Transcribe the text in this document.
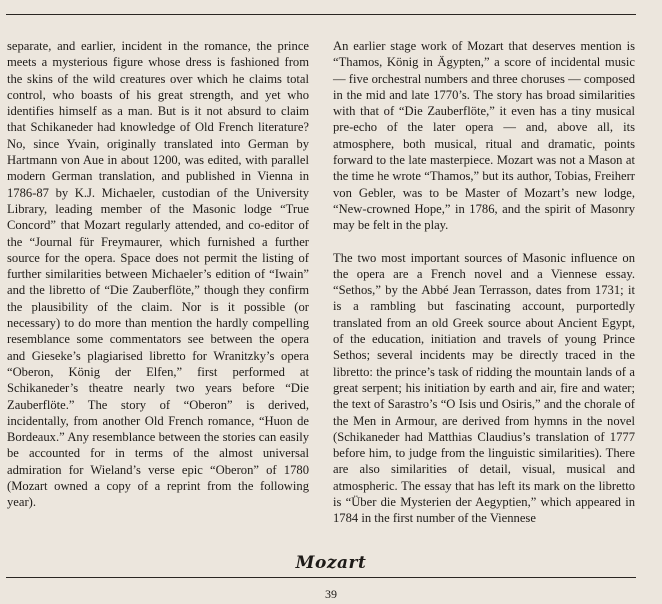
separate, and earlier, incident in the romance, the prince meets a mysterious figure whose dress is fashioned from the skins of the wild creatures over which he claims total control, who boasts of his great strength, and yet who identifies himself as a man. But is it not absurd to claim that Schikaneder had knowledge of Old French literature? No, since Yvain, originally translated into German by Hartmann von Aue in about 1200, was edited, with parallel modern German translation, and published in Vienna in 1786-87 by K.J. Michaeler, custodian of the University Library, leading member of the Masonic lodge “True Concord” that Mozart regularly attended, and co-editor of the “Journal für Freymaurer, which furnished a further source for the opera. Space does not permit the listing of further similarities between Michaeler’s edition of “Iwain” and the libretto of “Die Zauberflöte,” though they confirm the plausibility of the claim. Nor is it possible (or necessary) to do more than mention the hardly compelling resemblance some commentators see between the opera and Gieseke’s plagiarised libretto for Wranitzky’s opera “Oberon, König der Elfen,” first performed at Schikaneder’s theatre nearly two years before “Die Zauberflöte.” The story of “Oberon” is derived, incidentally, from another Old French romance, “Huon de Bordeaux.” Any resemblance between the stories can easily be accounted for in terms of the almost universal admiration for Wieland’s verse epic “Oberon” of 1780 (Mozart owned a copy of a reprint from the following year).

An earlier stage work of Mozart that deserves mention is “Thamos, König in Ägypten,” a score of incidental music — five orchestral numbers and three choruses — composed in the mid and late 1770’s. The story has broad similarities with that of “Die Zauberflöte,” it even has a tiny musical pre-echo of the later opera — and, above all, its atmosphere, both musical, ritual and dramatic, points forward to the late masterpiece. Mozart was not a Mason at the time he wrote “Thamos,” but its author, Tobias, Freiherr von Gebler, was to be Master of Mozart’s new lodge, “New-crowned Hope,” in 1786, and the spirit of Masonry may be felt in the play.

The two most important sources of Masonic influence on the opera are a French novel and a Viennese essay. “Sethos,” by the Abbé Jean Terrasson, dates from 1731; it is a rambling but fascinating account, purportedly translated from an old Greek source about Ancient Egypt, of the education, initiation and travels of young Prince Sethos; several incidents may be directly traced in the libretto: the prince’s task of ridding the mountain lands of a great serpent; his initiation by earth and air, fire and water; the text of Sarastro’s “O Isis und Osiris,” and the chorale of the Men in Armour, are derived from hymns in the novel (Schikaneder had Matthias Claudius’s translation of 1777 before him, to judge from the linguistic similarities). There are also similarities of detail, visual, musical and atmospheric. The essay that has left its mark on the libretto is “Über die Mysterien der Aegyptien,” which appeared in 1784 in the first number of the Viennese

Mozart
39
